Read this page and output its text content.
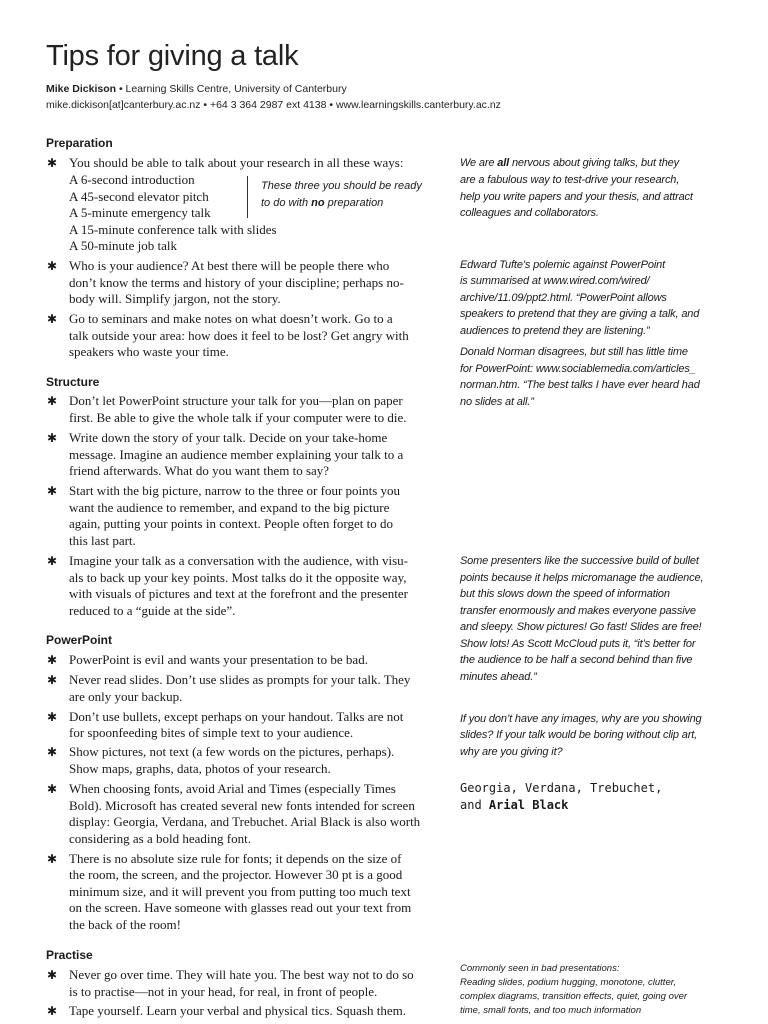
Tips for giving a talk
Mike Dickison • Learning Skills Centre, University of Canterbury
mike.dickison[at]canterbury.ac.nz • +64 3 364 2987 ext 4138 • www.learningskills.canterbury.ac.nz
Preparation
✱ You should be able to talk about your research in all these ways:
A 6-second introduction
A 45-second elevator pitch
A 5-minute emergency talk
A 15-minute conference talk with slides
A 50-minute job talk
These three you should be ready
to do with no preparation
✱ Who is your audience? At best there will be people there who
don’t know the terms and history of your discipline; perhaps no-
body will. Simplify jargon, not the story.
✱ Go to seminars and make notes on what doesn’t work. Go to a
talk outside your area: how does it feel to be lost? Get angry with
speakers who waste your time.
Structure
✱ Don’t let PowerPoint structure your talk for you—plan on paper
first. Be able to give the whole talk if your computer were to die.
✱ Write down the story of your talk. Decide on your take-home
message. Imagine an audience member explaining your talk to a
friend afterwards. What do you want them to say?
✱ Start with the big picture, narrow to the three or four points you
want the audience to remember, and expand to the big picture
again, putting your points in context. People often forget to do
this last part.
✱ Imagine your talk as a conversation with the audience, with visu-
als to back up your key points. Most talks do it the opposite way,
with visuals of pictures and text at the forefront and the presenter
reduced to a “guide at the side”.
PowerPoint
✱ PowerPoint is evil and wants your presentation to be bad.
✱ Never read slides. Don’t use slides as prompts for your talk. They
are only your backup.
✱ Don’t use bullets, except perhaps on your handout. Talks are not
for spoonfeeding bites of simple text to your audience.
✱ Show pictures, not text (a few words on the pictures, perhaps).
Show maps, graphs, data, photos of your research.
✱ When choosing fonts, avoid Arial and Times (especially Times
Bold). Microsoft has created several new fonts intended for screen
display: Georgia, Verdana, and Trebuchet. Arial Black is also worth
considering as a bold heading font.
✱ There is no absolute size rule for fonts; it depends on the size of
the room, the screen, and the projector. However 30 pt is a good
minimum size, and it will prevent you from putting too much text
on the screen. Have someone with glasses read out your text from
the back of the room!
Practise
✱ Never go over time. They will hate you. The best way not to do so
is to practise—not in your head, for real, in front of people.
✱ Tape yourself. Learn your verbal and physical tics. Squash them.
We are all nervous about giving talks, but they
are a fabulous way to test-drive your research,
help you write papers and your thesis, and attract
colleagues and collaborators.
Edward Tufte’s polemic against PowerPoint
is summarised at www.wired.com/wired/
archive/11.09/ppt2.html. “PowerPoint allows
speakers to pretend that they are giving a talk, and
audiences to pretend they are listening.”
Donald Norman disagrees, but still has little time
for PowerPoint: www.sociablemedia.com/articles_
norman.htm. “The best talks I have ever heard had
no slides at all.”
Some presenters like the successive build of bullet
points because it helps micromanage the audience,
but this slows down the speed of information
transfer enormously and makes everyone passive
and sleepy. Show pictures! Go fast! Slides are free!
Show lots! As Scott McCloud puts it, “it’s better for
the audience to be half a second behind than five
minutes ahead.”
If you don’t have any images, why are you showing
slides? If your talk would be boring without clip art,
why are you giving it?
Georgia, Verdana, Trebuchet,
and Arial Black
Commonly seen in bad presentations:
Reading slides, podium hugging, monotone, clutter,
complex diagrams, transition effects, quiet, going over
time, small fonts, and too much information
